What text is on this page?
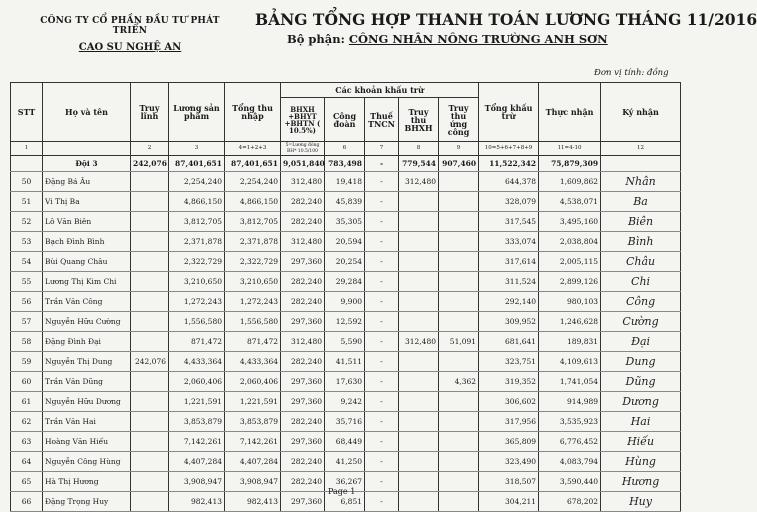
CÔNG TY CỔ PHẦN ĐẦU TƯ PHÁT TRIỂN
CAO SU NGHỆ AN
BẢNG TỔNG HỢP THANH TOÁN LƯƠNG THÁNG 11/2016
Bộ phận: CÔNG NHÂN NÔNG TRƯỜNG ANH SƠN
Đơn vị tính: đồng
STT	Họ và tên	Truy lĩnh	Lương sản phẩm	Tổng thu nhập	Các khoản khấu trừ					Tổng khấu trừ	Thực nhận	Ký nhận
					BHXH +BHYT +BHTN ( 10.5%)	Công đoàn	Thuế TNCN	Truy thu BHXH	Truy thu ứng công			
1		2	3	4=1+2+3	5=Lương đóng BH* 10.5/100	6	7	8	9	10=5+6+7+8+9	11=4-10	12
	Đội 3	242,076	87,401,651	87,401,651	9,051,840	783,498	-	779,544	907,460	11,522,342	75,879,309	
50	Đặng Bá Âu		2,254,240	2,254,240	312,480	19,418	-	312,480		644,378	1,609,862	Nhân
51	Vi Thị Ba		4,866,150	4,866,150	282,240	45,839	-			328,079	4,538,071	Ba
52	Lô Văn Biên		3,812,705	3,812,705	282,240	35,305	-			317,545	3,495,160	Biên
53	Bạch Đình Bình		2,371,878	2,371,878	312,480	20,594	-			333,074	2,038,804	Bình
54	Bùi Quang Châu		2,322,729	2,322,729	297,360	20,254	-			317,614	2,005,115	Châu
55	Lương Thị Kim Chi		3,210,650	3,210,650	282,240	29,284	-			311,524	2,899,126	Chi
56	Trần Văn Công		1,272,243	1,272,243	282,240	9,900	-			292,140	980,103	Công
57	Nguyễn Hữu Cường		1,556,580	1,556,580	297,360	12,592	-			309,952	1,246,628	Cường
58	Đặng Đình Đại		871,472	871,472	312,480	5,590	-	312,480	51,091	681,641	189,831	Đại
59	Nguyễn Thị Dung	242,076	4,433,364	4,433,364	282,240	41,511	-			323,751	4,109,613	Dung
60	Trần Văn Dũng		2,060,406	2,060,406	297,360	17,630	-		4,362	319,352	1,741,054	Dũng
61	Nguyễn Hữu Dương		1,221,591	1,221,591	297,360	9,242	-			306,602	914,989	Dương
62	Trần Văn Hai		3,853,879	3,853,879	282,240	35,716	-			317,956	3,535,923	Hai
63	Hoàng Văn Hiếu		7,142,261	7,142,261	297,360	68,449	-			365,809	6,776,452	Hiếu
64	Nguyễn Công Hùng		4,407,284	4,407,284	282,240	41,250	-			323,490	4,083,794	Hùng
65	Hà Thị Hương		3,908,947	3,908,947	282,240	36,267	-			318,507	3,590,440	Hương
66	Đặng Trọng Huy		982,413	982,413	297,360	6,851	-			304,211	678,202	Huy
Page 1
